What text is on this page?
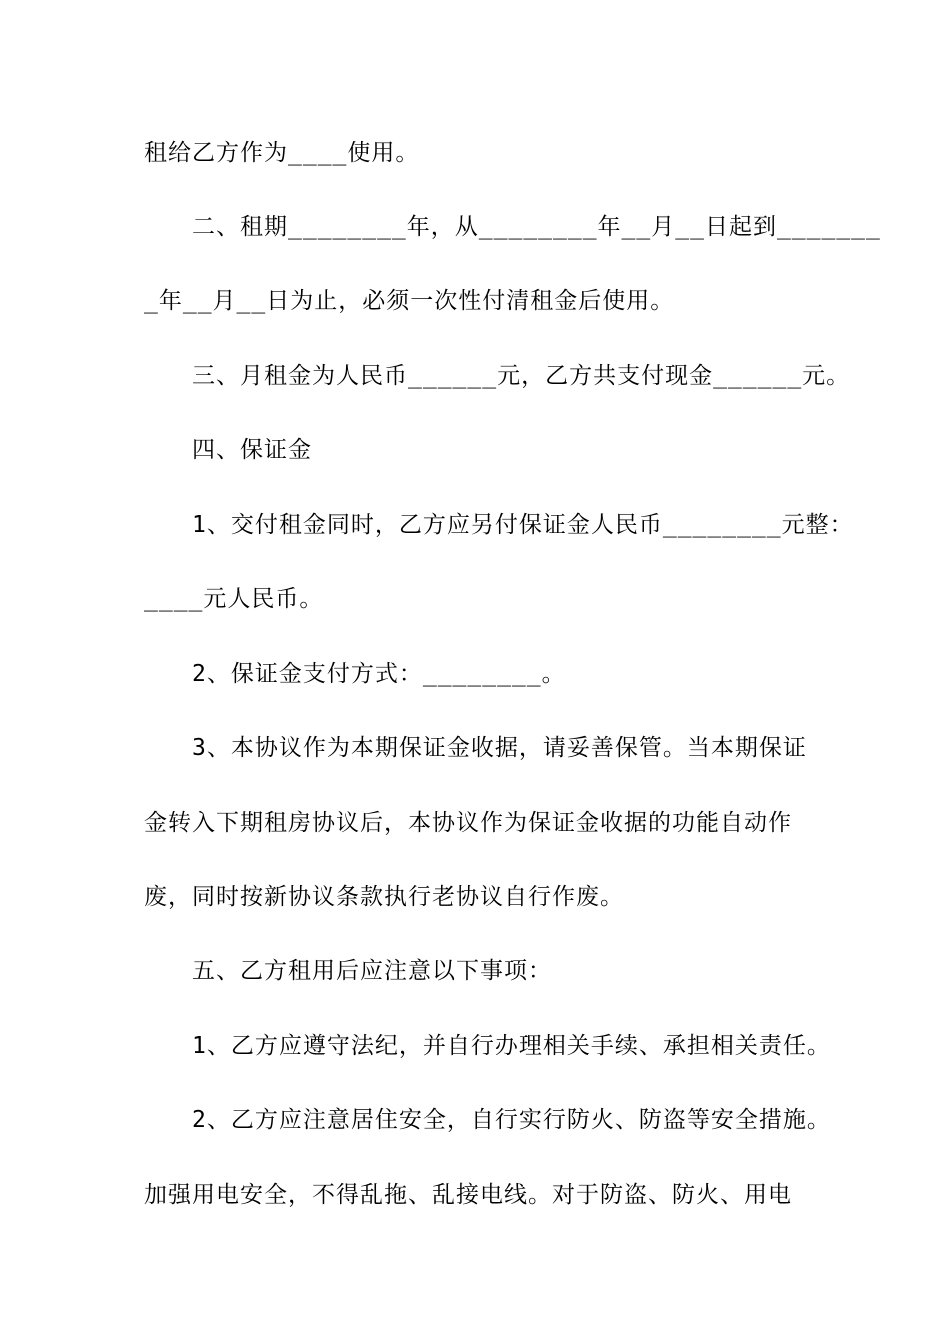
租给乙方作为____使用。
二、租期________年，从________年__月__日起到_______
_年__月__日为止，必须一次性付清租金后使用。
三、月租金为人民币______元，乙方共支付现金______元。
四、保证金
1、交付租金同时，乙方应另付保证金人民币________元整：
____元人民币。
2、保证金支付方式：________。
3、本协议作为本期保证金收据，请妥善保管。当本期保证
金转入下期租房协议后，本协议作为保证金收据的功能自动作
废，同时按新协议条款执行老协议自行作废。
五、乙方租用后应注意以下事项：
1、乙方应遵守法纪，并自行办理相关手续、承担相关责任。
2、乙方应注意居住安全，自行实行防火、防盗等安全措施。
加强用电安全，不得乱拖、乱接电线。对于防盗、防火、用电
